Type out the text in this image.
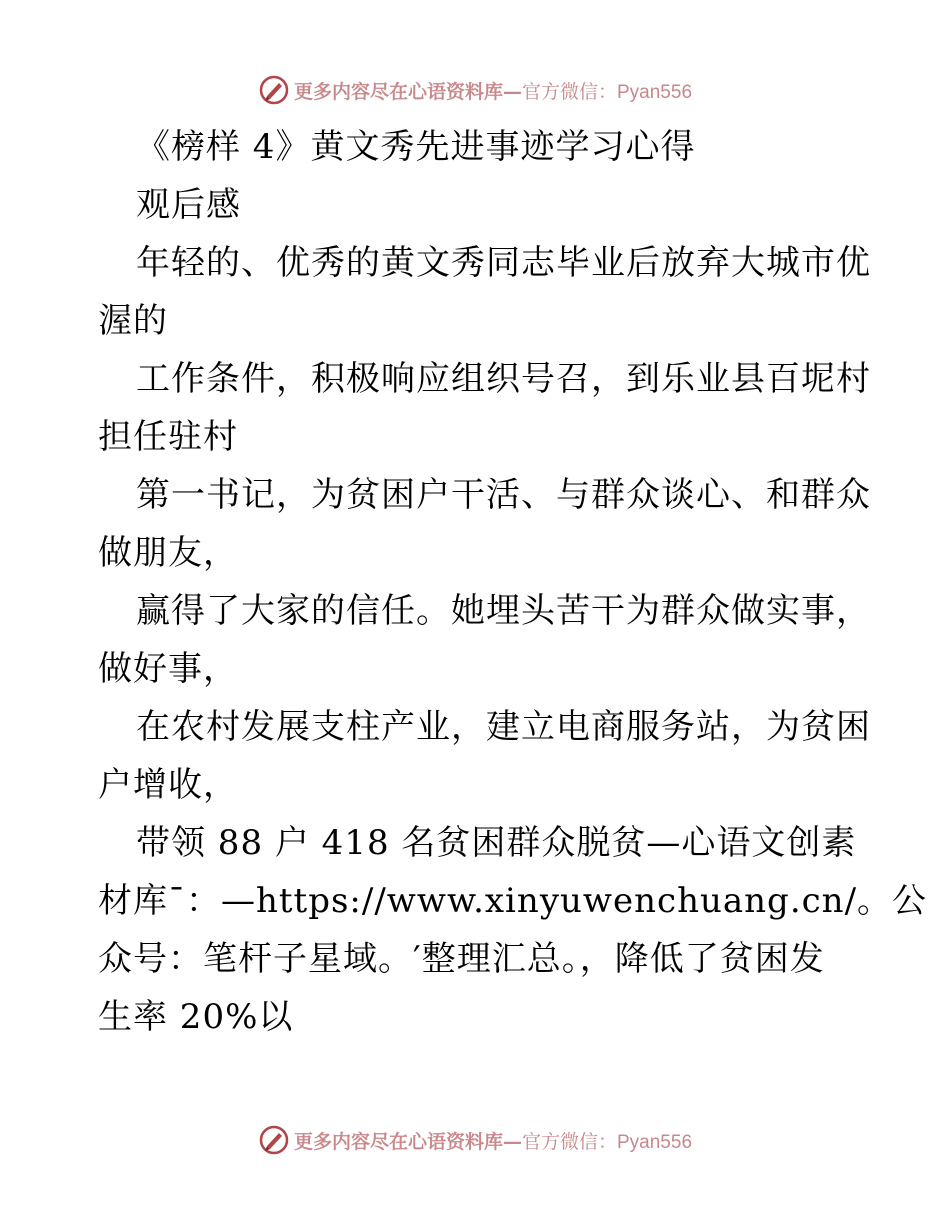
更多内容尽在心语资料库— 官方微信：Pyan556
《榜样 4》黄文秀先进事迹学习心得
观后感
年轻的、优秀的黄文秀同志毕业后放弃大城市优
渥的
工作条件，积极响应组织号召，到乐业县百坭村
担任驻村
第一书记，为贫困户干活、与群众谈心、和群众
做朋友，
赢得了大家的信任。她埋头苦干为群众做实事，
做好事，
在农村发展支柱产业，建立电商服务站，为贫困
户增收，
带领 88 户 418 名贫困群众脱贫—心语文创素
材库¯：—https://www.xinyuwenchuang.cn/。公
众号：笔杆子星域。′整理汇总。，降低了贫困发
生率 20%以
更多内容尽在心语资料库— 官方微信：Pyan556
